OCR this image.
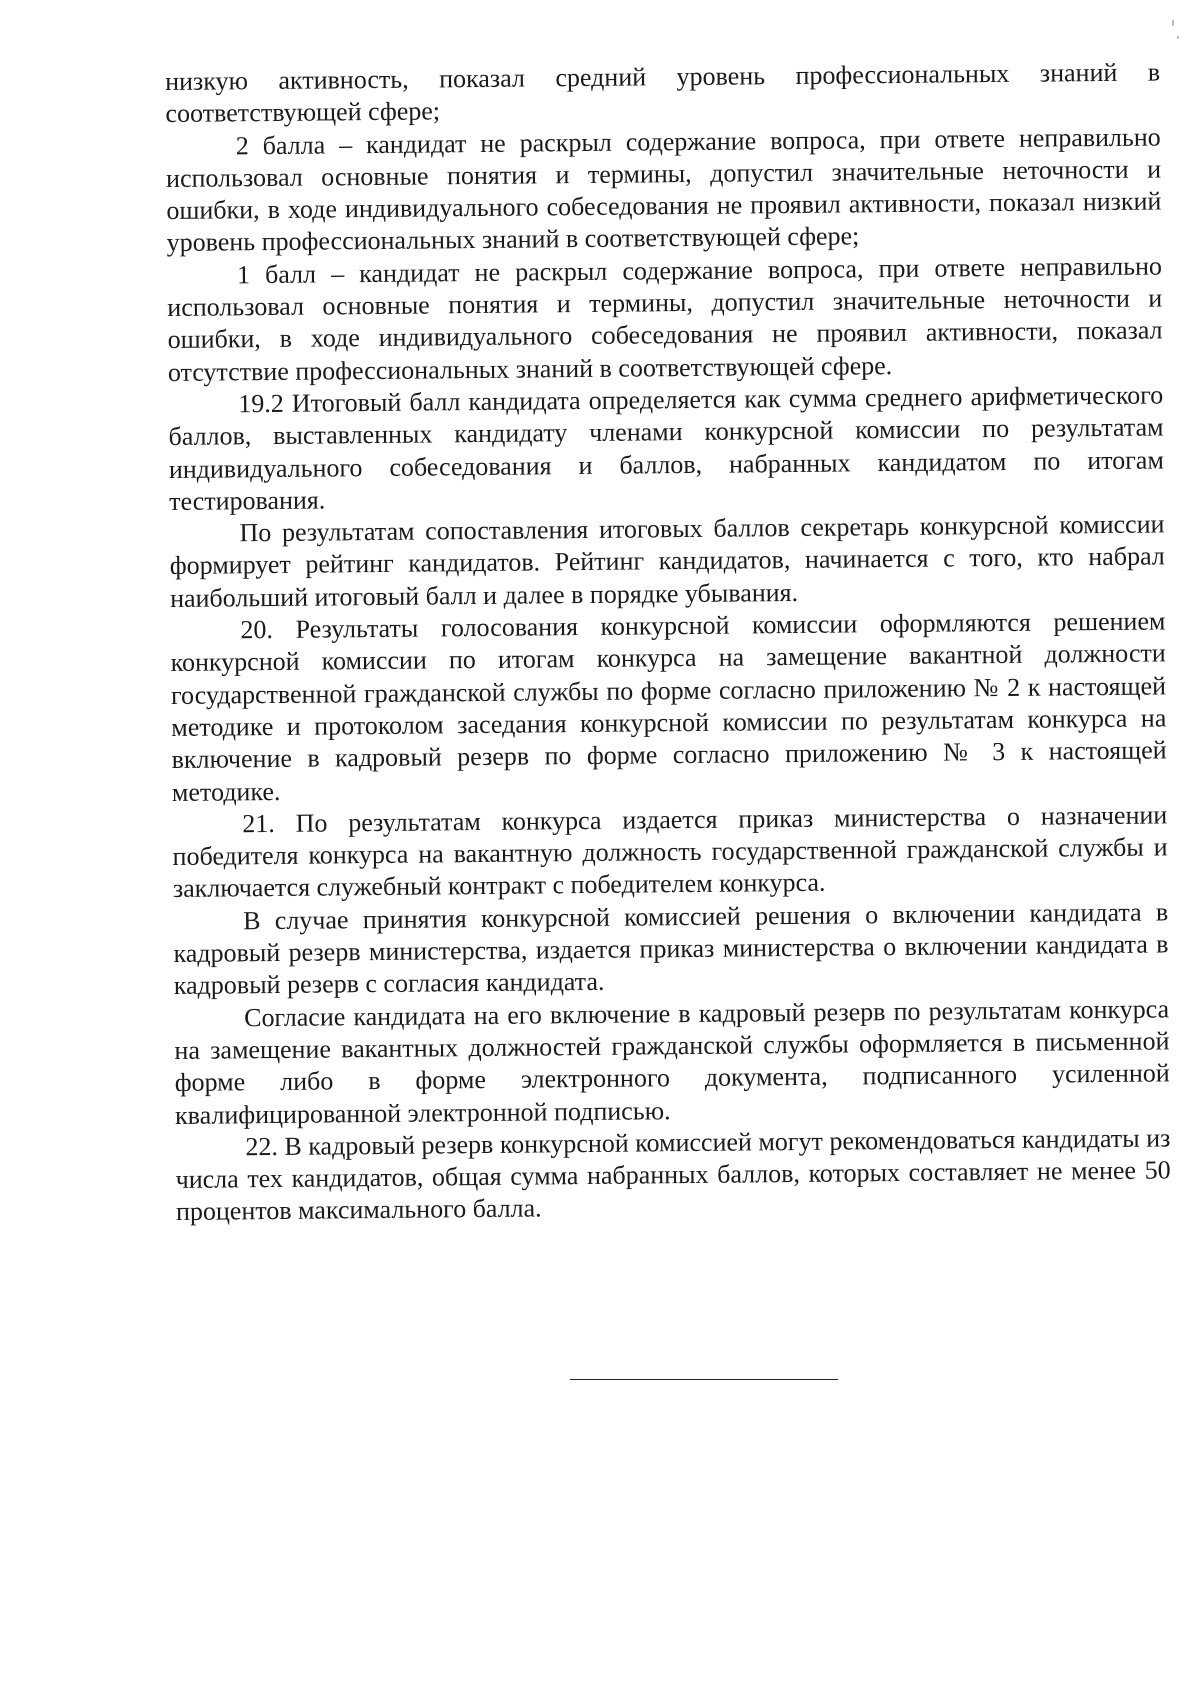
низкую активность, показал средний уровень профессиональных знаний в соответствующей сфере;

2 балла – кандидат не раскрыл содержание вопроса, при ответе неправильно использовал основные понятия и термины, допустил значительные неточности и ошибки, в ходе индивидуального собеседования не проявил активности, показал низкий уровень профессиональных знаний в соответствующей сфере;

1 балл – кандидат не раскрыл содержание вопроса, при ответе неправильно использовал основные понятия и термины, допустил значительные неточности и ошибки, в ходе индивидуального собеседования не проявил активности, показал отсутствие профессиональных знаний в соответствующей сфере.

19.2 Итоговый балл кандидата определяется как сумма среднего арифметического баллов, выставленных кандидату членами конкурсной комиссии по результатам индивидуального собеседования и баллов, набранных кандидатом по итогам тестирования.

По результатам сопоставления итоговых баллов секретарь конкурсной комиссии формирует рейтинг кандидатов. Рейтинг кандидатов, начинается с того, кто набрал наибольший итоговый балл и далее в порядке убывания.

20. Результаты голосования конкурсной комиссии оформляются решением конкурсной комиссии по итогам конкурса на замещение вакантной должности государственной гражданской службы по форме согласно приложению № 2 к настоящей методике и протоколом заседания конкурсной комиссии по результатам конкурса на включение в кадровый резерв по форме согласно приложению № 3 к настоящей методике.

21. По результатам конкурса издается приказ министерства о назначении победителя конкурса на вакантную должность государственной гражданской службы и заключается служебный контракт с победителем конкурса.

В случае принятия конкурсной комиссией решения о включении кандидата в кадровый резерв министерства, издается приказ министерства о включении кандидата в кадровый резерв с согласия кандидата.

Согласие кандидата на его включение в кадровый резерв по результатам конкурса на замещение вакантных должностей гражданской службы оформляется в письменной форме либо в форме электронного документа, подписанного усиленной квалифицированной электронной подписью.

22. В кадровый резерв конкурсной комиссией могут рекомендоваться кандидаты из числа тех кандидатов, общая сумма набранных баллов, которых составляет не менее 50 процентов максимального балла.
